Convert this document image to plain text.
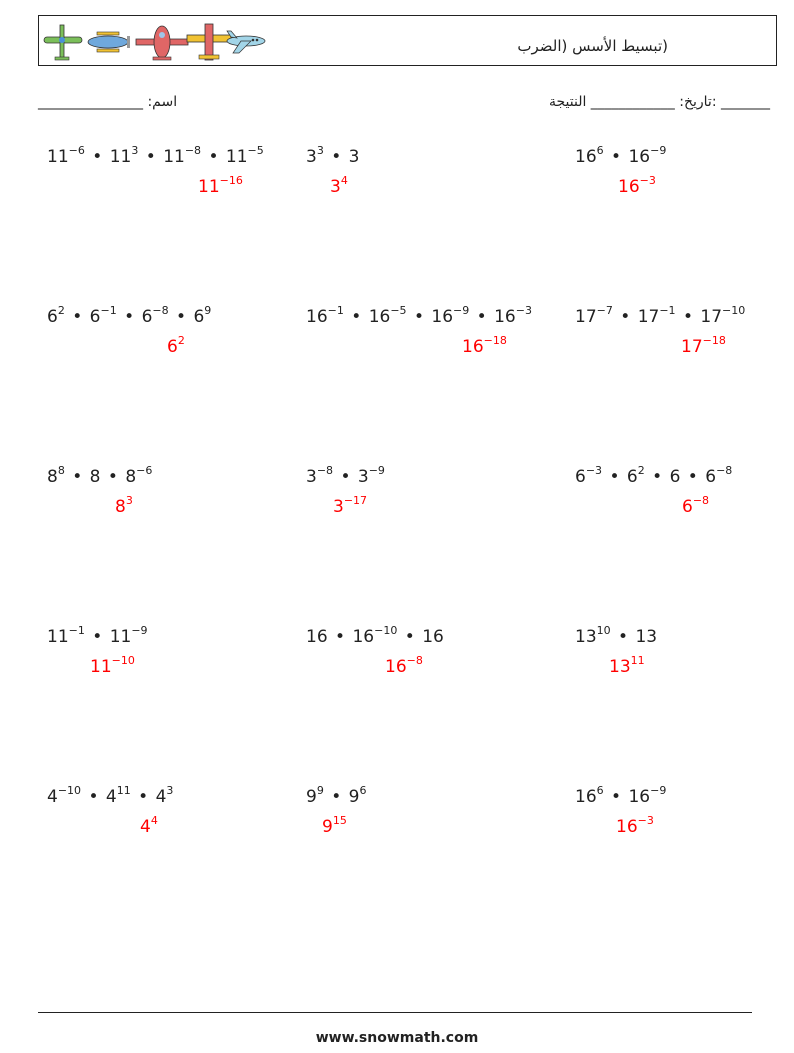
(تبسيط الأسس (الضرب
اسم: _______________	_______ :تاريخ: ____________ النتيجة
$11^{-6}$ • $11^3$ • $11^{-8}$ • $11^{-5}$
$11^{-16}$
$3^3$ • 3
$3^4$
$16^6$ • $16^{-9}$
$16^{-3}$
$6^2$ • $6^{-1}$ • $6^{-8}$ • $6^9$
$6^2$
$16^{-1}$ • $16^{-5}$ • $16^{-9}$ • $16^{-3}$
$16^{-18}$
$17^{-7}$ • $17^{-1}$ • $17^{-10}$
$17^{-18}$
$8^8$ • 8 • $8^{-6}$
$8^3$
$3^{-8}$ • $3^{-9}$
$3^{-17}$
$6^{-3}$ • $6^2$ • 6 • $6^{-8}$
$6^{-8}$
$11^{-1}$ • $11^{-9}$
$11^{-10}$
16 • $16^{-10}$ • 16
$16^{-8}$
$13^{10}$ • 13
$13^{11}$
$4^{-10}$ • $4^{11}$ • $4^3$
$4^4$
$9^9$ • $9^6$
$9^{15}$
$16^6$ • $16^{-9}$
$16^{-3}$
www.snowmath.com
